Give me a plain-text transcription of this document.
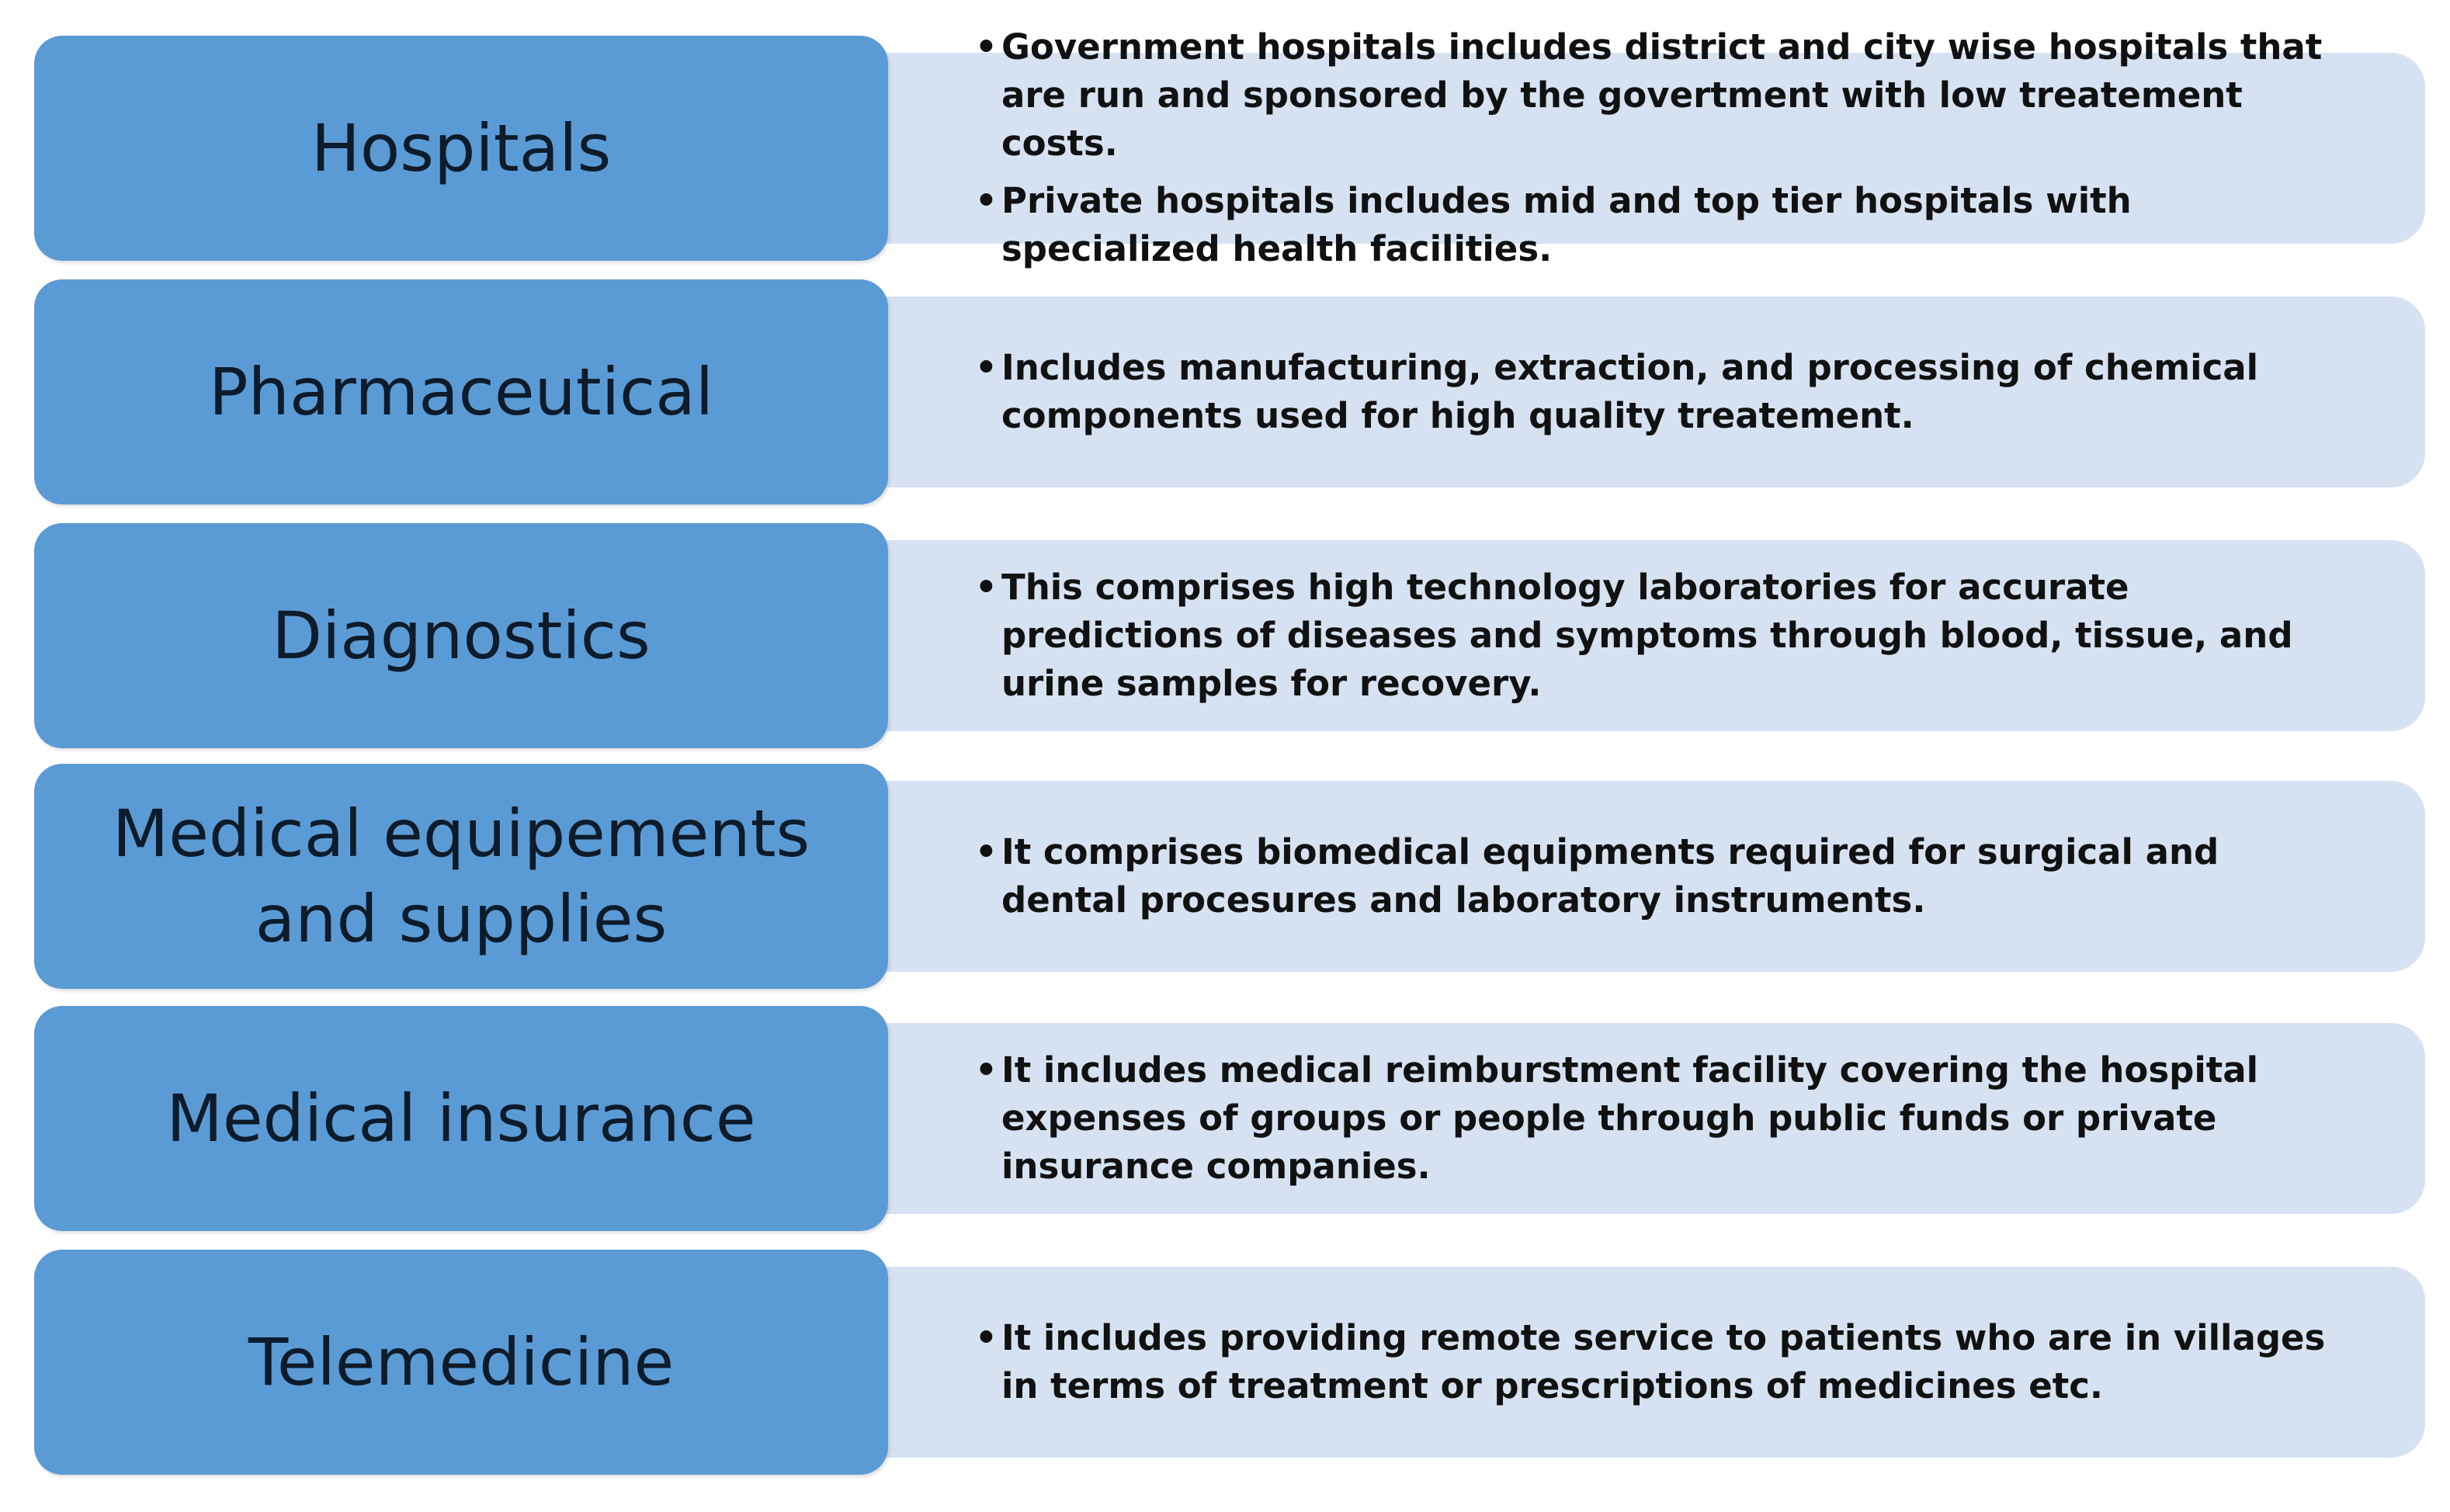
• Government hospitals includes district and city wise hospitals that are run and sponsored by the govertment with low treatement costs.
• Private hospitals includes mid and top tier hospitals with specialized health facilities.
Hospitals
• Includes manufacturing, extraction, and processing of chemical components used for high quality treatement.
Pharmaceutical
• This comprises high technology laboratories for accurate predictions of diseases and symptoms through blood, tissue, and urine samples for recovery.
Diagnostics
• It comprises biomedical equipments required for surgical and dental procesures and laboratory instruments.
Medical equipements
and supplies
• It includes medical reimburstment facility covering the hospital expenses of groups or people through public funds or private insurance companies.
Medical insurance
• It includes providing remote service to patients who are in villages in terms of treatment or prescriptions of medicines etc.
Telemedicine
